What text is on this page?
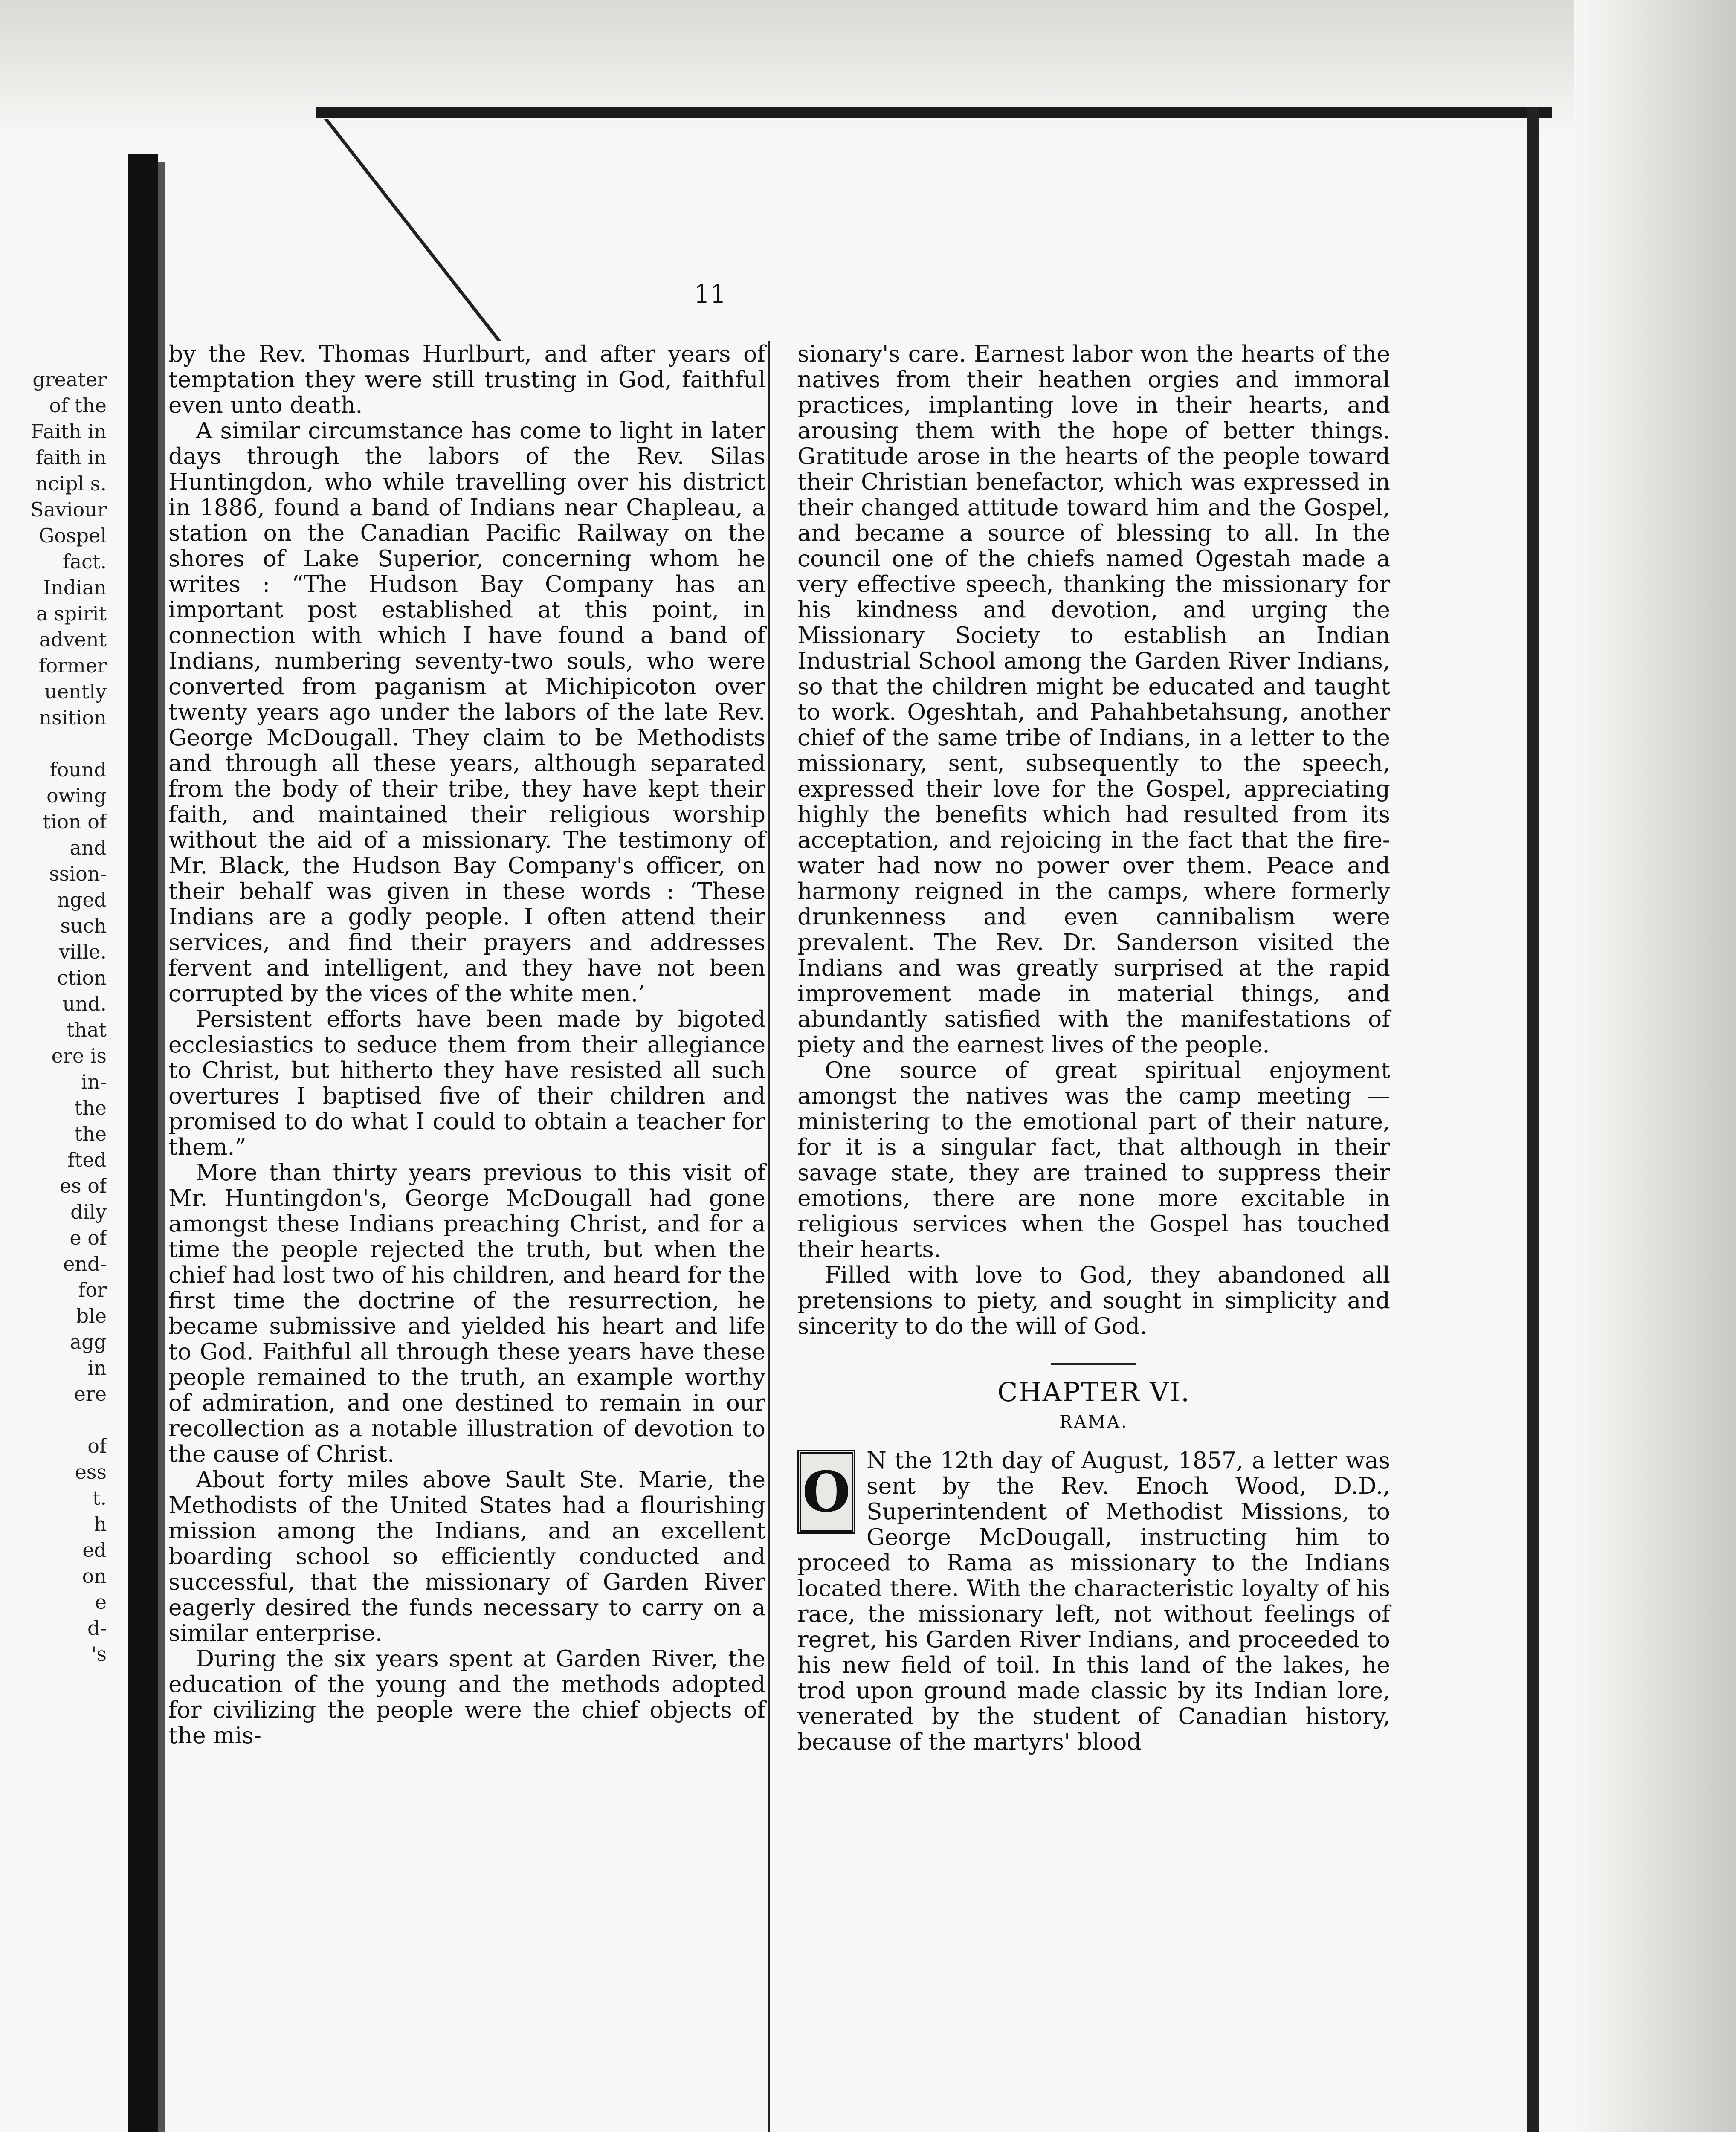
greater
of the
Faith in
faith in
ncipl s.
Saviour
Gospel
fact.
Indian
a spirit
advent
former
uently
nsition

found
owing
tion of
and
ssion-
nged
such
ville.
ction
und.
that
ere is
in-
the
the
fted
es of
dily
e of
end-
for
ble
agg
in
ere

of
ess
t.
h
ed
on
e
d-
's
11

by the Rev. Thomas Hurlburt, and after years of temptation they were still trusting in God, faithful even unto death.

A similar circumstance has come to light in later days through the labors of the Rev. Silas Huntingdon, who while travelling over his district in 1886, found a band of Indians near Chapleau, a station on the Canadian Pacific Railway on the shores of Lake Superior, concerning whom he writes : “The Hudson Bay Company has an important post established at this point, in connection with which I have found a band of Indians, numbering seventy-two souls, who were converted from paganism at Michipicoton over twenty years ago under the labors of the late Rev. George McDougall. They claim to be Methodists and through all these years, although separated from the body of their tribe, they have kept their faith, and maintained their religious worship without the aid of a missionary. The testimony of Mr. Black, the Hudson Bay Company's officer, on their behalf was given in these words : ‘These Indians are a godly people. I often attend their services, and find their prayers and addresses fervent and intelligent, and they have not been corrupted by the vices of the white men.’

Persistent efforts have been made by bigoted ecclesiastics to seduce them from their allegiance to Christ, but hitherto they have resisted all such overtures I baptised five of their children and promised to do what I could to obtain a teacher for them.”

More than thirty years previous to this visit of Mr. Huntingdon's, George McDougall had gone amongst these Indians preaching Christ, and for a time the people rejected the truth, but when the chief had lost two of his children, and heard for the first time the doctrine of the resurrection, he became submissive and yielded his heart and life to God. Faithful all through these years have these people remained to the truth, an example worthy of admiration, and one destined to remain in our recollection as a notable illustration of devotion to the cause of Christ.

About forty miles above Sault Ste. Marie, the Methodists of the United States had a flourishing mission among the Indians, and an excellent boarding school so efficiently conducted and successful, that the missionary of Garden River eagerly desired the funds necessary to carry on a similar enterprise.

During the six years spent at Garden River, the education of the young and the methods adopted for civilizing the people were the chief objects of the mis-

sionary's care. Earnest labor won the hearts of the natives from their heathen orgies and immoral practices, implanting love in their hearts, and arousing them with the hope of better things. Gratitude arose in the hearts of the people toward their Christian benefactor, which was expressed in their changed attitude toward him and the Gospel, and became a source of blessing to all. In the council one of the chiefs named Ogestah made a very effective speech, thanking the missionary for his kindness and devotion, and urging the Missionary Society to establish an Indian Industrial School among the Garden River Indians, so that the children might be educated and taught to work. Ogeshtah, and Pahahbetahsung, another chief of the same tribe of Indians, in a letter to the missionary, sent, subsequently to the speech, expressed their love for the Gospel, appreciating highly the benefits which had resulted from its acceptation, and rejoicing in the fact that the fire-water had now no power over them. Peace and harmony reigned in the camps, where formerly drunkenness and even cannibalism were prevalent. The Rev. Dr. Sanderson visited the Indians and was greatly surprised at the rapid improvement made in material things, and abundantly satisfied with the manifestations of piety and the earnest lives of the people.

One source of great spiritual enjoyment amongst the natives was the camp meeting —ministering to the emotional part of their nature, for it is a singular fact, that although in their savage state, they are trained to suppress their emotions, there are none more excitable in religious services when the Gospel has touched their hearts.

Filled with love to God, they abandoned all pretensions to piety, and sought in simplicity and sincerity to do the will of God.

CHAPTER VI.
RAMA.

O N the 12th day of August, 1857, a letter was sent by the Rev. Enoch Wood, D.D., Superintendent of Methodist Missions, to George McDougall, instructing him to proceed to Rama as missionary to the Indians located there. With the characteristic loyalty of his race, the missionary left, not without feelings of regret, his Garden River Indians, and proceeded to his new field of toil. In this land of the lakes, he trod upon ground made classic by its Indian lore, venerated by the student of Canadian history, because of the martyrs' blood
